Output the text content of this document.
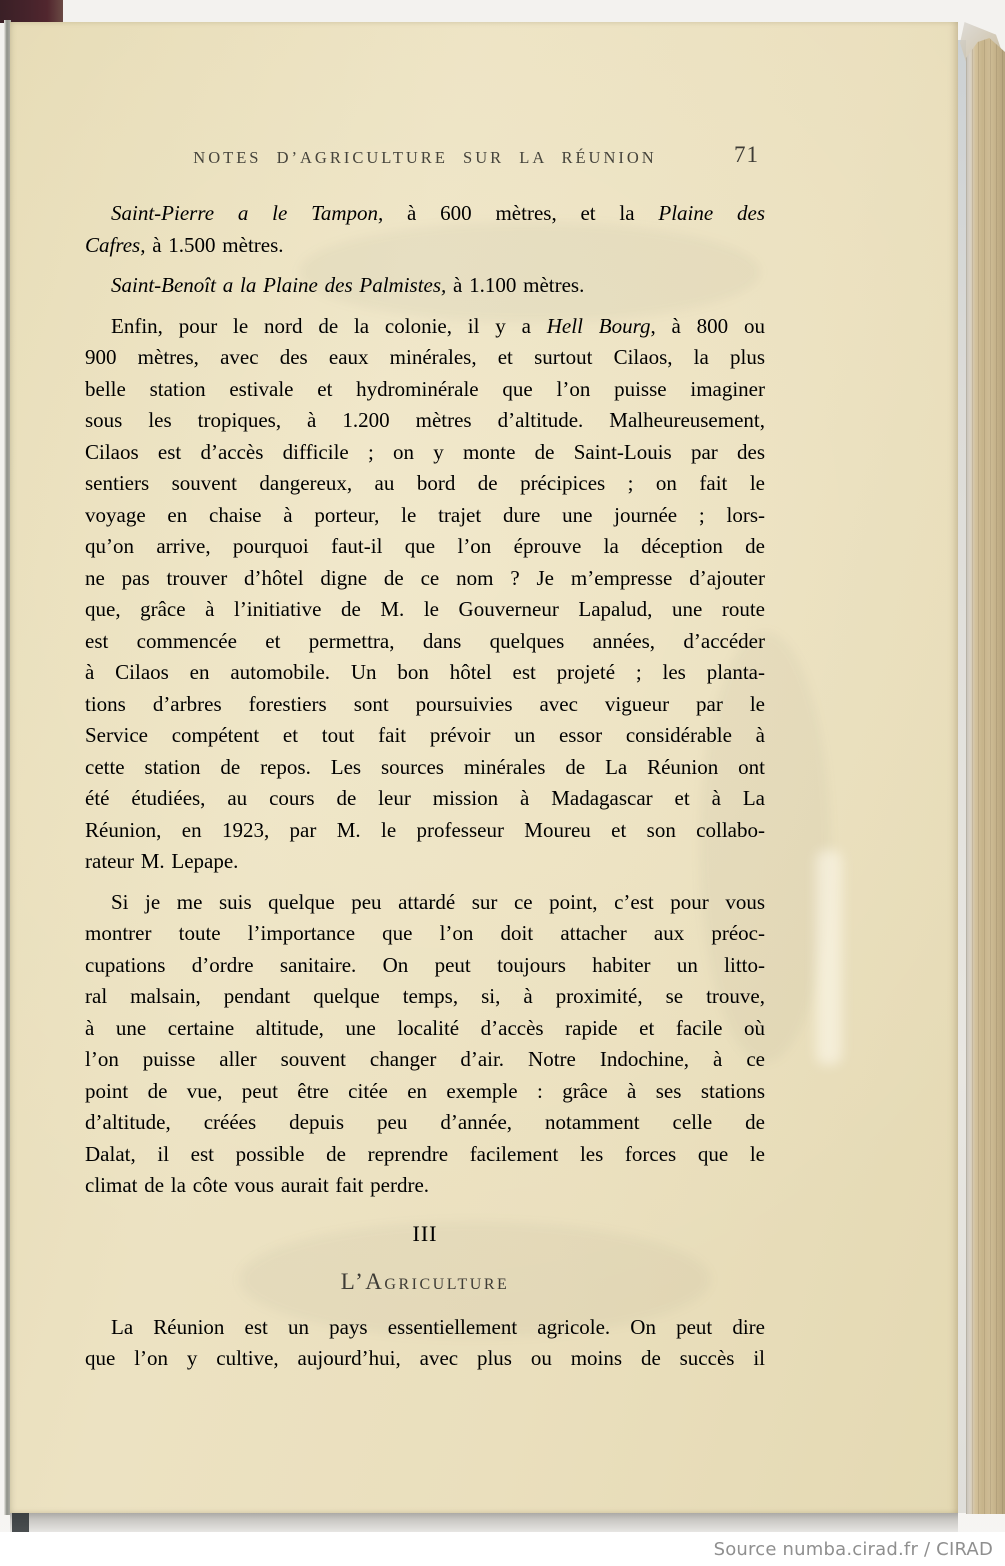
NOTES D’AGRICULTURE SUR LA RÉUNION	71
Saint-Pierre a le Tampon, à 600 mètres, et la Plaine des
Cafres, à 1.500 mètres.
Saint-Benoît a la Plaine des Palmistes, à 1.100 mètres.
Enfin, pour le nord de la colonie, il y a Hell Bourg, à 800 ou
900 mètres, avec des eaux minérales, et surtout Cilaos, la plus
belle station estivale et hydrominérale que l’on puisse imaginer
sous les tropiques, à 1.200 mètres d’altitude. Malheureusement,
Cilaos est d’accès difficile ; on y monte de Saint-Louis par des
sentiers souvent dangereux, au bord de précipices ; on fait le
voyage en chaise à porteur, le trajet dure une journée ; lors-
qu’on arrive, pourquoi faut-il que l’on éprouve la déception de
ne pas trouver d’hôtel digne de ce nom ? Je m’empresse d’ajouter
que, grâce à l’initiative de M. le Gouverneur Lapalud, une route
est commencée et permettra, dans quelques années, d’accéder
à Cilaos en automobile. Un bon hôtel est projeté ; les planta-
tions d’arbres forestiers sont poursuivies avec vigueur par le
Service compétent et tout fait prévoir un essor considérable à
cette station de repos. Les sources minérales de La Réunion ont
été étudiées, au cours de leur mission à Madagascar et à La
Réunion, en 1923, par M. le professeur Moureu et son collabo-
rateur M. Lepape.
Si je me suis quelque peu attardé sur ce point, c’est pour vous
montrer toute l’importance que l’on doit attacher aux préoc-
cupations d’ordre sanitaire. On peut toujours habiter un litto-
ral malsain, pendant quelque temps, si, à proximité, se trouve,
à une certaine altitude, une localité d’accès rapide et facile où
l’on puisse aller souvent changer d’air. Notre Indochine, à ce
point de vue, peut être citée en exemple : grâce à ses stations
d’altitude, créées depuis peu d’année, notamment celle de
Dalat, il est possible de reprendre facilement les forces que le
climat de la côte vous aurait fait perdre.
III
L’Agriculture
La Réunion est un pays essentiellement agricole. On peut dire
que l’on y cultive, aujourd’hui, avec plus ou moins de succès il
Source numba.cirad.fr / CIRAD
